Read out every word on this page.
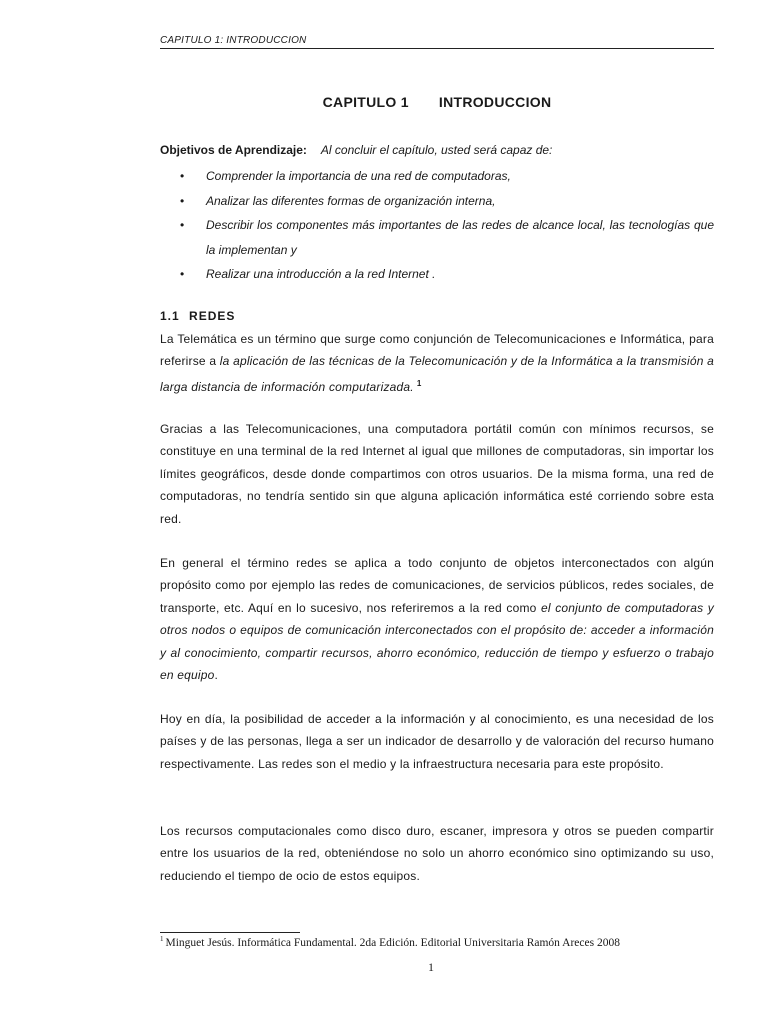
CAPITULO 1: INTRODUCCION
CAPITULO 1 INTRODUCCION
Objetivos de Aprendizaje: Al concluir el capítulo, usted será capaz de:
• Comprender la importancia de una red de computadoras,
• Analizar las diferentes formas de organización interna,
• Describir los componentes más importantes de las redes de alcance local, las tecnologías que la implementan y
• Realizar una introducción a la red Internet .
1.1 REDES

La Telemática es un término que surge como conjunción de Telecomunicaciones e Informática, para referirse a la aplicación de las técnicas de la Telecomunicación y de la Informática a la transmisión a larga distancia de información computarizada. $^1$

Gracias a las Telecomunicaciones, una computadora portátil común con mínimos recursos, se constituye en una terminal de la red Internet al igual que millones de computadoras, sin importar los límites geográficos, desde donde compartimos con otros usuarios. De la misma forma, una red de computadoras, no tendría sentido sin que alguna aplicación informática esté corriendo sobre esta red.

En general el término redes se aplica a todo conjunto de objetos interconectados con algún propósito como por ejemplo las redes de comunicaciones, de servicios públicos, redes sociales, de transporte, etc. Aquí en lo sucesivo, nos referiremos a la red como el conjunto de computadoras y otros nodos o equipos de comunicación interconectados con el propósito de: acceder a información y al conocimiento, compartir recursos, ahorro económico, reducción de tiempo y esfuerzo o trabajo en equipo.

Hoy en día, la posibilidad de acceder a la información y al conocimiento, es una necesidad de los países y de las personas, llega a ser un indicador de desarrollo y de valoración del recurso humano respectivamente. Las redes son el medio y la infraestructura necesaria para este propósito.

Los recursos computacionales como disco duro, escaner, impresora y otros se pueden compartir entre los usuarios de la red, obteniéndose no solo un ahorro económico sino optimizando su uso, reduciendo el tiempo de ocio de estos equipos.

$^1$ Minguet Jesús. Informática Fundamental. 2da Edición. Editorial Universitaria Ramón Areces 2008
1
